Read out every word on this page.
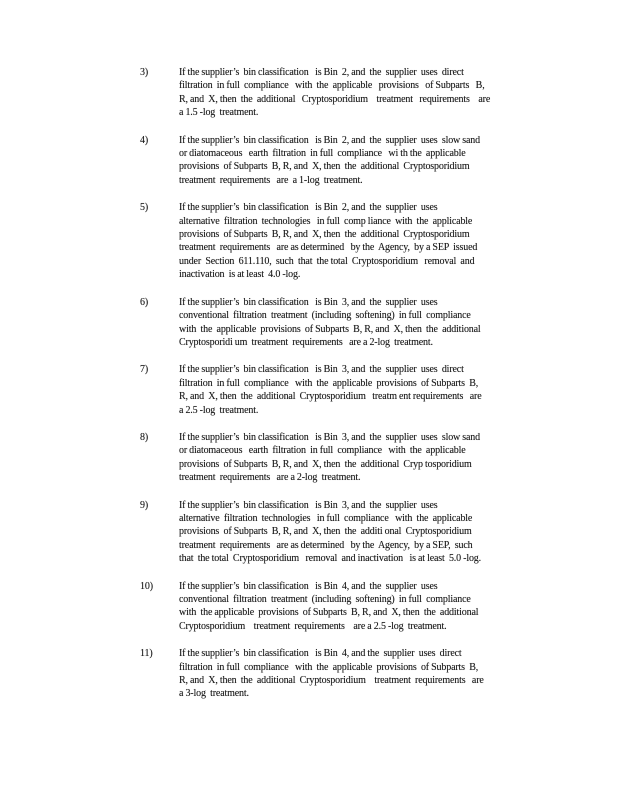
3)	If the supplier’s  bin classification   is Bin  2, and  the  supplier  uses  direct
filtration  in full  compliance   with  the  applicable   provisions   of Subparts   B,
R, and  X, then  the  additional   Cryptosporidium    treatment   requirements    are
a 1.5 -log  treatment.
4)	If the supplier’s  bin classification   is Bin  2, and  the  supplier  uses  slow sand
or diatomaceous   earth  filtration  in full  compliance   wi th the  applicable
provisions  of Subparts  B, R, and  X, then  the  additional  Cryptosporidium
treatment  requirements   are  a 1-log  treatment.
5)	If the supplier’s  bin classification   is Bin  2, and  the  supplier  uses
alternative  filtration  technologies   in full  comp liance  with  the  applicable
provisions  of Subparts  B, R, and  X, then  the  additional  Cryptosporidium
treatment  requirements   are as determined   by the  Agency,  by a SEP  issued
under  Section  611.110,  such  that  the total  Cryptosporidium   removal  and
inactivation  is at least  4.0 -log.
6)	If the supplier’s  bin classification   is Bin  3, and  the  supplier  uses
conventional  filtration  treatment  (including  softening)  in full  compliance
with  the  applicable  provisions  of Subparts  B, R, and  X, then  the  additional
Cryptosporidi um  treatment  requirements   are a 2-log  treatment.
7)	If the supplier’s  bin classification   is Bin  3, and  the  supplier  uses  direct
filtration  in full  compliance   with  the  applicable  provisions  of Subparts  B,
R, and  X, then  the  additional  Cryptosporidium   treatm ent requirements   are
a 2.5 -log  treatment.
8)	If the supplier’s  bin classification   is Bin  3, and  the  supplier  uses  slow sand
or diatomaceous   earth  filtration  in full  compliance   with  the  applicable
provisions  of Subparts  B, R, and  X, then  the  additional  Cryp tosporidium
treatment  requirements   are a 2-log  treatment.
9)	If the supplier’s  bin classification   is Bin  3, and  the  supplier  uses
alternative  filtration  technologies   in full  compliance   with  the  applicable
provisions  of Subparts  B, R, and  X, then  the  additi onal  Cryptosporidium
treatment  requirements   are as determined   by the  Agency,  by a SEP,  such
that  the total  Cryptosporidium   removal  and inactivation   is at least  5.0 -log.
10)	If the supplier’s  bin classification   is Bin  4, and  the  supplier  uses
conventional  filtration  treatment  (including  softening)  in full  compliance
with  the applicable  provisions  of Subparts  B, R, and  X, then  the  additional
Cryptosporidium    treatment  requirements    are a 2.5 -log  treatment.
11)	If the supplier’s  bin classification   is Bin  4, and the  supplier  uses  direct
filtration  in full  compliance   with  the  applicable  provisions  of Subparts  B,
R, and  X, then  the  additional  Cryptosporidium    treatment  requirements   are
a 3-log  treatment.
